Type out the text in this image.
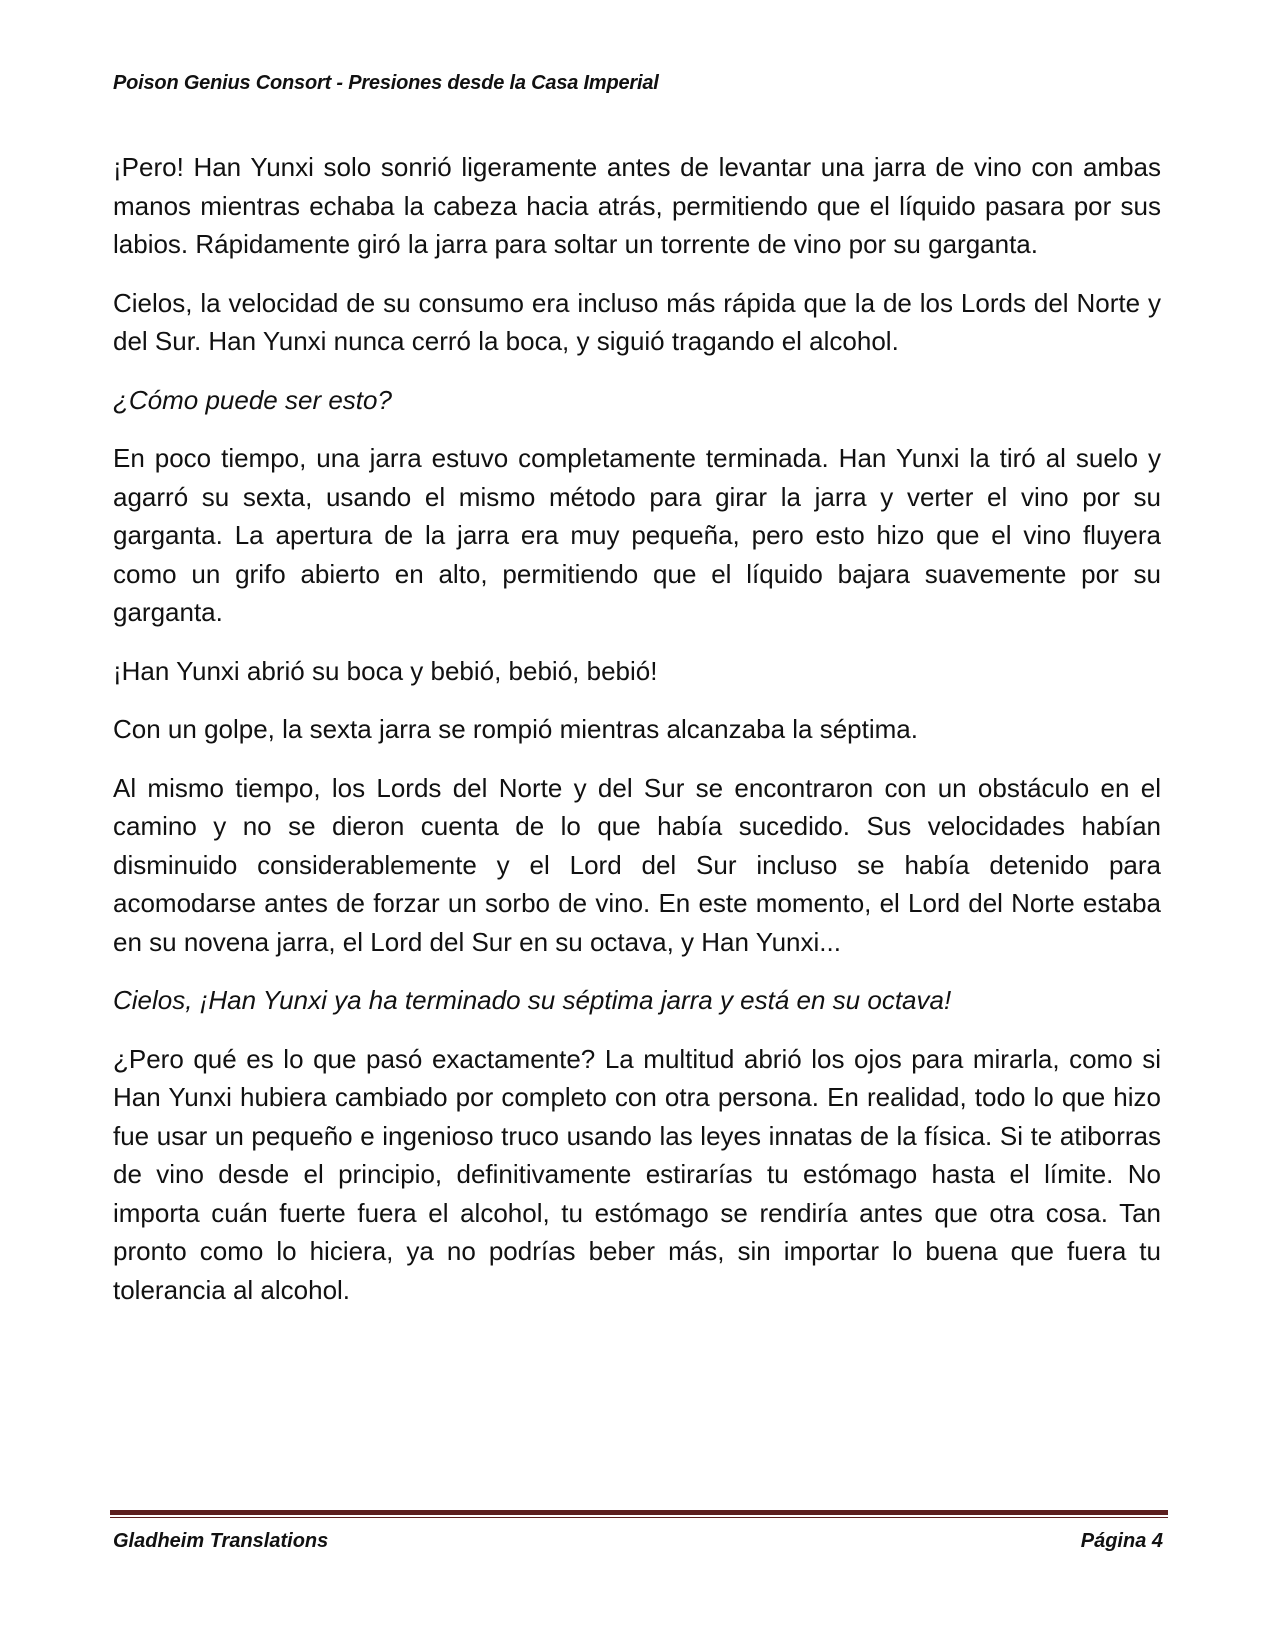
Poison Genius Consort - Presiones desde la Casa Imperial

¡Pero! Han Yunxi solo sonrió ligeramente antes de levantar una jarra de vino con ambas manos mientras echaba la cabeza hacia atrás, permitiendo que el líquido pasara por sus labios. Rápidamente giró la jarra para soltar un torrente de vino por su garganta.

Cielos, la velocidad de su consumo era incluso más rápida que la de los Lords del Norte y del Sur. Han Yunxi nunca cerró la boca, y siguió tragando el alcohol.

¿Cómo puede ser esto?

En poco tiempo, una jarra estuvo completamente terminada. Han Yunxi la tiró al suelo y agarró su sexta, usando el mismo método para girar la jarra y verter el vino por su garganta. La apertura de la jarra era muy pequeña, pero esto hizo que el vino fluyera como un grifo abierto en alto, permitiendo que el líquido bajara suavemente por su garganta.

¡Han Yunxi abrió su boca y bebió, bebió, bebió!

Con un golpe, la sexta jarra se rompió mientras alcanzaba la séptima.

Al mismo tiempo, los Lords del Norte y del Sur se encontraron con un obstáculo en el camino y no se dieron cuenta de lo que había sucedido. Sus velocidades habían disminuido considerablemente y el Lord del Sur incluso se había detenido para acomodarse antes de forzar un sorbo de vino. En este momento, el Lord del Norte estaba en su novena jarra, el Lord del Sur en su octava, y Han Yunxi...

Cielos, ¡Han Yunxi ya ha terminado su séptima jarra y está en su octava!

¿Pero qué es lo que pasó exactamente? La multitud abrió los ojos para mirarla, como si Han Yunxi hubiera cambiado por completo con otra persona. En realidad, todo lo que hizo fue usar un pequeño e ingenioso truco usando las leyes innatas de la física. Si te atiborras de vino desde el principio, definitivamente estirarías tu estómago hasta el límite. No importa cuán fuerte fuera el alcohol, tu estómago se rendiría antes que otra cosa. Tan pronto como lo hiciera, ya no podrías beber más, sin importar lo buena que fuera tu tolerancia al alcohol.

Gladheim Translations	Página 4
